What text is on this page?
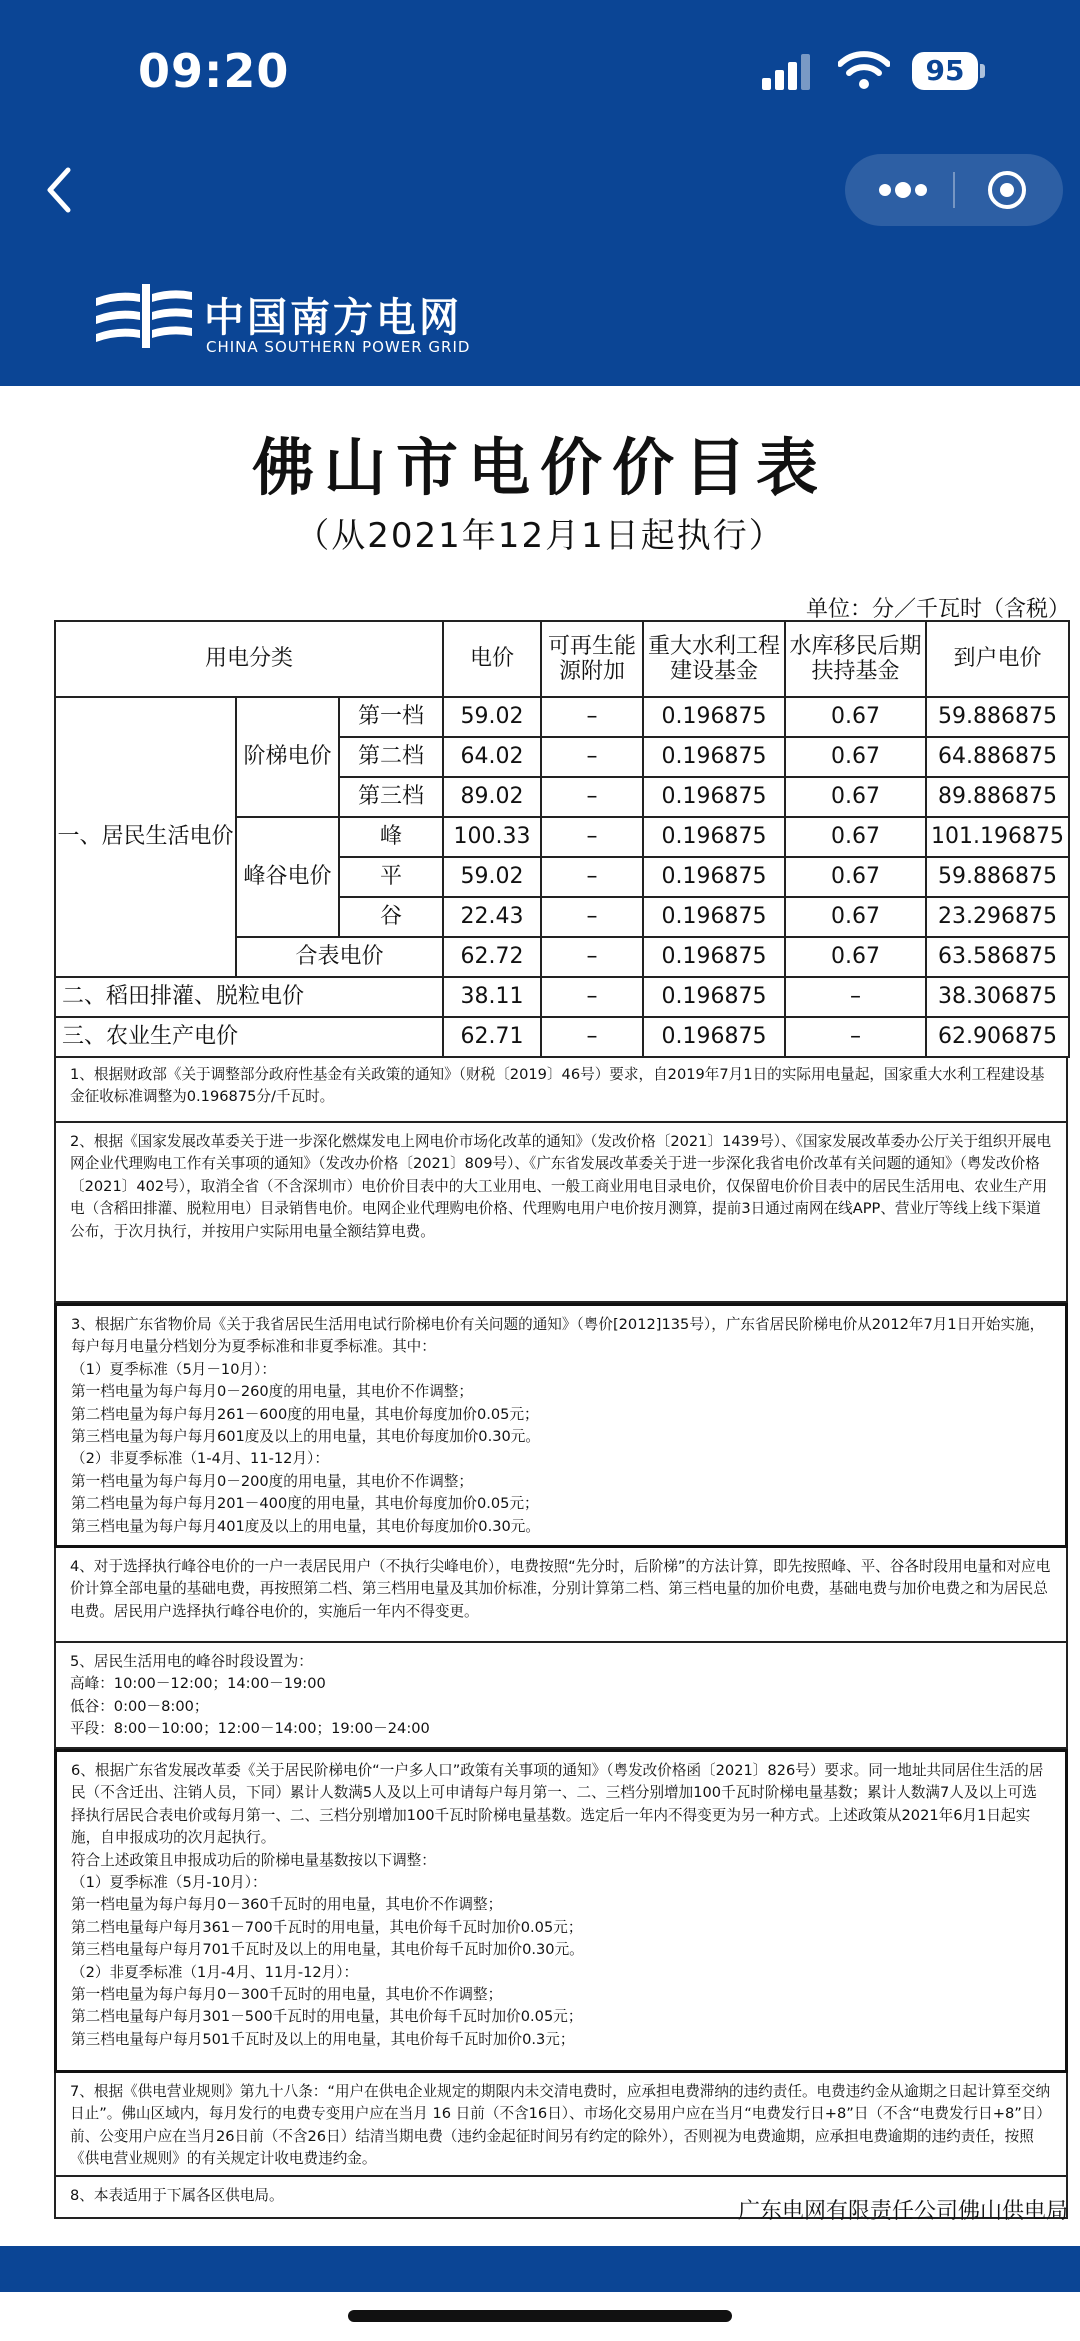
09:20	95
中国南方电网
CHINA SOUTHERN POWER GRID
佛山市电价价目表
（从2021年12月1日起执行）
单位：分／千瓦时（含税）
用电分类			电价	可再生能源附加	重大水利工程建设基金	水库移民后期扶持基金	到户电价
一、居民生活电价	阶梯电价	第一档	59.02	–	0.196875	0.67	59.886875
		第二档	64.02	–	0.196875	0.67	64.886875
		第三档	89.02	–	0.196875	0.67	89.886875
	峰谷电价	峰	100.33	–	0.196875	0.67	101.196875
		平	59.02	–	0.196875	0.67	59.886875
		谷	22.43	–	0.196875	0.67	23.296875
	合表电价		62.72	–	0.196875	0.67	63.586875
二、稻田排灌、脱粒电价			38.11	–	0.196875	–	38.306875
三、农业生产电价			62.71	–	0.196875	–	62.906875
1、根据财政部《关于调整部分政府性基金有关政策的通知》（财税〔2019〕46号）要求，自2019年7月1日的实际用电量起，国家重大水利工程建设基金征收标准调整为0.196875分/千瓦时。
2、根据《国家发展改革委关于进一步深化燃煤发电上网电价市场化改革的通知》（发改价格〔2021〕1439号）、《国家发展改革委办公厅关于组织开展电网企业代理购电工作有关事项的通知》（发改办价格〔2021〕809号）、《广东省发展改革委关于进一步深化我省电价改革有关问题的通知》（粤发改价格〔2021〕402号），取消全省（不含深圳市）电价价目表中的大工业用电、一般工商业用电目录电价，仅保留电价价目表中的居民生活用电、农业生产用电（含稻田排灌、脱粒用电）目录销售电价。电网企业代理购电价格、代理购电用户电价按月测算，提前3日通过南网在线APP、营业厅等线上线下渠道公布，于次月执行，并按用户实际用电量全额结算电费。
3、根据广东省物价局《关于我省居民生活用电试行阶梯电价有关问题的通知》（粤价[2012]135号），广东省居民阶梯电价从2012年7月1日开始实施，每户每月电量分档划分为夏季标准和非夏季标准。其中：
（1）夏季标准（5月－10月）：
第一档电量为每户每月0－260度的用电量，其电价不作调整；
第二档电量为每户每月261－600度的用电量，其电价每度加价0.05元；
第三档电量为每户每月601度及以上的用电量，其电价每度加价0.30元。
（2）非夏季标准（1-4月、11-12月）：
第一档电量为每户每月0－200度的用电量，其电价不作调整；
第二档电量为每户每月201－400度的用电量，其电价每度加价0.05元；
第三档电量为每户每月401度及以上的用电量，其电价每度加价0.30元。
4、对于选择执行峰谷电价的一户一表居民用户（不执行尖峰电价），电费按照“先分时，后阶梯”的方法计算，即先按照峰、平、谷各时段用电量和对应电价计算全部电量的基础电费，再按照第二档、第三档用电量及其加价标准，分别计算第二档、第三档电量的加价电费，基础电费与加价电费之和为居民总电费。居民用户选择执行峰谷电价的，实施后一年内不得变更。
5、居民生活用电的峰谷时段设置为：
高峰：10:00－12:00；14:00－19:00
低谷：0:00－8:00；
平段：8:00－10:00；12:00－14:00；19:00－24:00
6、根据广东省发展改革委《关于居民阶梯电价“一户多人口”政策有关事项的通知》（粤发改价格函〔2021〕826号）要求。同一地址共同居住生活的居民（不含迁出、注销人员，下同）累计人数满5人及以上可申请每户每月第一、二、三档分别增加100千瓦时阶梯电量基数；累计人数满7人及以上可选择执行居民合表电价或每月第一、二、三档分别增加100千瓦时阶梯电量基数。选定后一年内不得变更为另一种方式。上述政策从2021年6月1日起实施，自申报成功的次月起执行。
符合上述政策且申报成功后的阶梯电量基数按以下调整：
（1）夏季标准（5月-10月）：
第一档电量为每户每月0－360千瓦时的用电量，其电价不作调整；
第二档电量每户每月361－700千瓦时的用电量，其电价每千瓦时加价0.05元；
第三档电量每户每月701千瓦时及以上的用电量，其电价每千瓦时加价0.30元。
（2）非夏季标准（1月-4月、11月-12月）：
第一档电量为每户每月0－300千瓦时的用电量，其电价不作调整；
第二档电量每户每月301－500千瓦时的用电量，其电价每千瓦时加价0.05元；
第三档电量每户每月501千瓦时及以上的用电量，其电价每千瓦时加价0.3元；
7、根据《供电营业规则》第九十八条：“用户在供电企业规定的期限内未交清电费时，应承担电费滞纳的违约责任。电费违约金从逾期之日起计算至交纳日止”。佛山区域内，每月发行的电费专变用户应在当月 16 日前（不含16日）、市场化交易用户应在当月“电费发行日+8”日（不含“电费发行日+8”日）前、公变用户应在当月26日前（不含26日）结清当期电费（违约金起征时间另有约定的除外），否则视为电费逾期，应承担电费逾期的违约责任，按照《供电营业规则》的有关规定计收电费违约金。
8、本表适用于下属各区供电局。
广东电网有限责任公司佛山供电局
